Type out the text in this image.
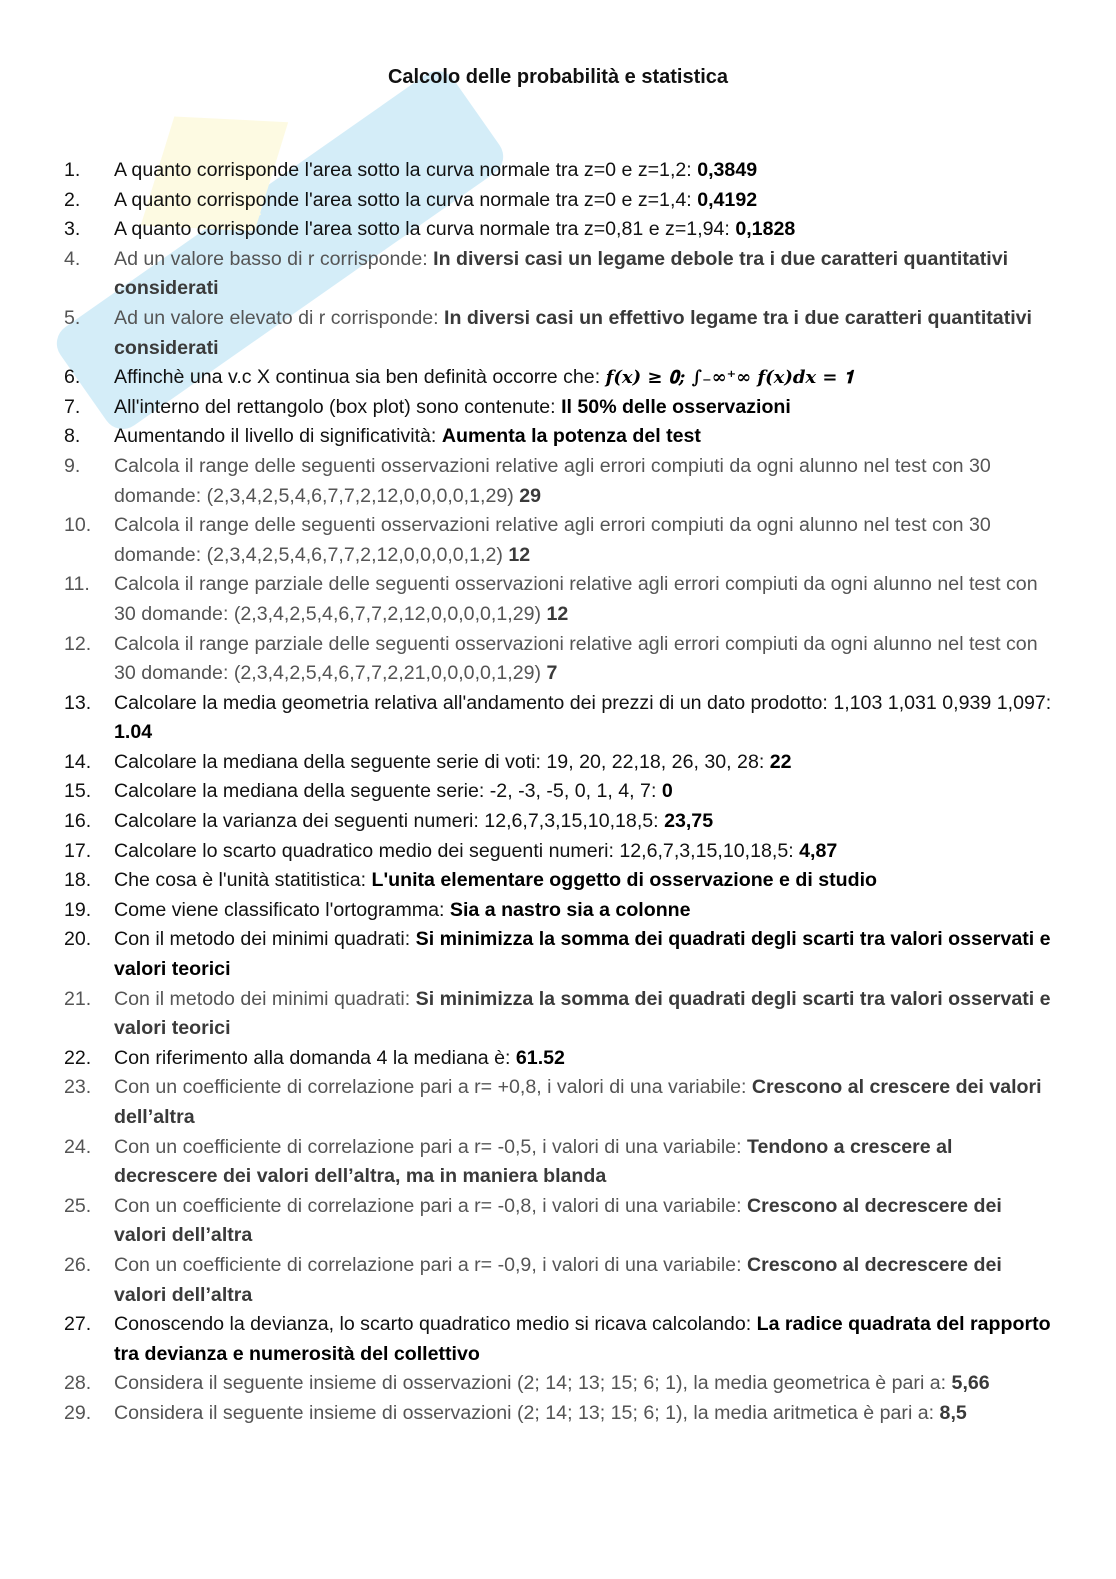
Calcolo delle probabilità e statistica
1.	A quanto corrisponde l'area sotto la curva normale tra z=0 e z=1,2: 0,3849
2.	A quanto corrisponde l'area sotto la curva normale tra z=0 e z=1,4: 0,4192
3.	A quanto corrisponde l'area sotto la curva normale tra z=0,81 e z=1,94: 0,1828
4.	Ad un valore basso di r corrisponde: In diversi casi un legame debole tra i due caratteri quantitativi considerati
5.	Ad un valore elevato di r corrisponde: In diversi casi un effettivo legame tra i due caratteri quantitativi considerati
6.	Affinchè una v.c X continua sia ben definità occorre che: 𝒇(𝒙) ≥ 𝟎; ∫₋∞⁺∞ 𝒇(𝒙)𝒅𝒙 = 𝟏
7.	All'interno del rettangolo (box plot) sono contenute: Il 50% delle osservazioni
8.	Aumentando il livello di significatività: Aumenta la potenza del test
9.	Calcola il range delle seguenti osservazioni relative agli errori compiuti da ogni alunno nel test con 30 domande: (2,3,4,2,5,4,6,7,7,2,12,0,0,0,0,1,29) 29
10.	Calcola il range delle seguenti osservazioni relative agli errori compiuti da ogni alunno nel test con 30 domande: (2,3,4,2,5,4,6,7,7,2,12,0,0,0,0,1,2) 12
11.	Calcola il range parziale delle seguenti osservazioni relative agli errori compiuti da ogni alunno nel test con 30 domande: (2,3,4,2,5,4,6,7,7,2,12,0,0,0,0,1,29) 12
12.	Calcola il range parziale delle seguenti osservazioni relative agli errori compiuti da ogni alunno nel test con 30 domande: (2,3,4,2,5,4,6,7,7,2,21,0,0,0,0,1,29) 7
13.	Calcolare la media geometria relativa all'andamento dei prezzi di un dato prodotto: 1,103 1,031 0,939 1,097: 1.04
14.	Calcolare la mediana della seguente serie di voti: 19, 20, 22,18, 26, 30, 28: 22
15.	Calcolare la mediana della seguente serie: -2, -3, -5, 0, 1, 4, 7: 0
16.	Calcolare la varianza dei seguenti numeri: 12,6,7,3,15,10,18,5: 23,75
17.	Calcolare lo scarto quadratico medio dei seguenti numeri: 12,6,7,3,15,10,18,5: 4,87
18.	Che cosa è l'unità statitistica: L'unita elementare oggetto di osservazione e di studio
19.	Come viene classificato l'ortogramma: Sia a nastro sia a colonne
20.	Con il metodo dei minimi quadrati: Si minimizza la somma dei quadrati degli scarti tra valori osservati e valori teorici
21.	Con il metodo dei minimi quadrati: Si minimizza la somma dei quadrati degli scarti tra valori osservati e valori teorici
22.	Con riferimento alla domanda 4 la mediana è: 61.52
23.	Con un coefficiente di correlazione pari a r= +0,8, i valori di una variabile: Crescono al crescere dei valori dell’altra
24.	Con un coefficiente di correlazione pari a r= -0,5, i valori di una variabile: Tendono a crescere al decrescere dei valori dell’altra, ma in maniera blanda
25.	Con un coefficiente di correlazione pari a r= -0,8, i valori di una variabile: Crescono al decrescere dei valori dell’altra
26.	Con un coefficiente di correlazione pari a r= -0,9, i valori di una variabile: Crescono al decrescere dei valori dell’altra
27.	Conoscendo la devianza, lo scarto quadratico medio si ricava calcolando: La radice quadrata del rapporto tra devianza e numerosità del collettivo
28.	Considera il seguente insieme di osservazioni (2; 14; 13; 15; 6; 1), la media geometrica è pari a: 5,66
29.	Considera il seguente insieme di osservazioni (2; 14; 13; 15; 6; 1), la media aritmetica è pari a: 8,5
